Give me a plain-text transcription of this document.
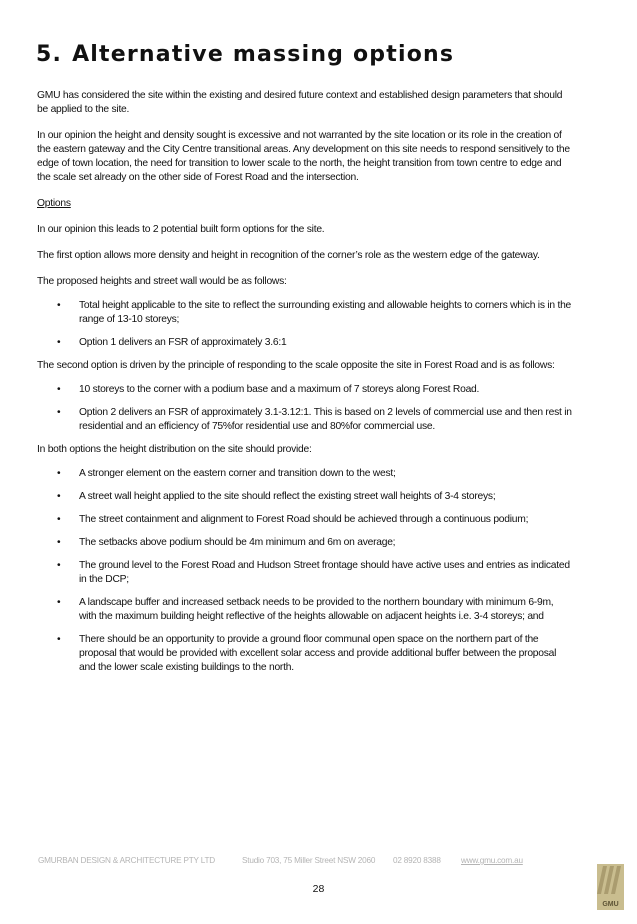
5. Alternative massing options

GMU has considered the site within the existing and desired future context and established design parameters that should be applied to the site.

In our opinion the height and density sought is excessive and not warranted by the site location or its role in the creation of the eastern gateway and the City Centre transitional areas. Any development on this site needs to respond sensitively to the edge of town location, the need for transition to lower scale to the north, the height transition from town centre to edge and the scale set already on the other side of Forest Road and the intersection.

Options

In our opinion this leads to 2 potential built form options for the site.

The first option allows more density and height in recognition of the corner’s role as the western edge of the gateway.

The proposed heights and street wall would be as follows:

• Total height applicable to the site to reflect the surrounding existing and allowable heights to corners which is in the range of 13-10 storeys;
• Option 1 delivers an FSR of approximately 3.6:1

The second option is driven by the principle of responding to the scale opposite the site in Forest Road and is as follows:

• 10 storeys to the corner with a podium base and a maximum of 7 storeys along Forest Road.
• Option 2 delivers an FSR of approximately 3.1-3.12:1. This is based on 2 levels of commercial use and then rest in residential and an efficiency of 75%for residential use and 80%for commercial use.

In both options the height distribution on the site should provide:

• A stronger element on the eastern corner and transition down to the west;
• A street wall height applied to the site should reflect the existing street wall heights of 3-4 storeys;
• The street containment and alignment to Forest Road should be achieved through a continuous podium;
• The setbacks above podium should be 4m minimum and 6m on average;
• The ground level to the Forest Road and Hudson Street frontage should have active uses and entries as indicated in the DCP;
• A landscape buffer and increased setback needs to be provided to the northern boundary with minimum 6-9m, with the maximum building height reflective of the heights allowable on adjacent heights i.e. 3-4 storeys; and
• There should be an opportunity to provide a ground floor communal open space on the northern part of the proposal that would be provided with excellent solar access and provide additional buffer between the proposal and the lower scale existing buildings to the north.
GMURBAN DESIGN & ARCHITECTURE PTY LTD	Studio 703, 75 Miller Street NSW 2060 02 8920 8388 www.gmu.com.au
28
GMU
